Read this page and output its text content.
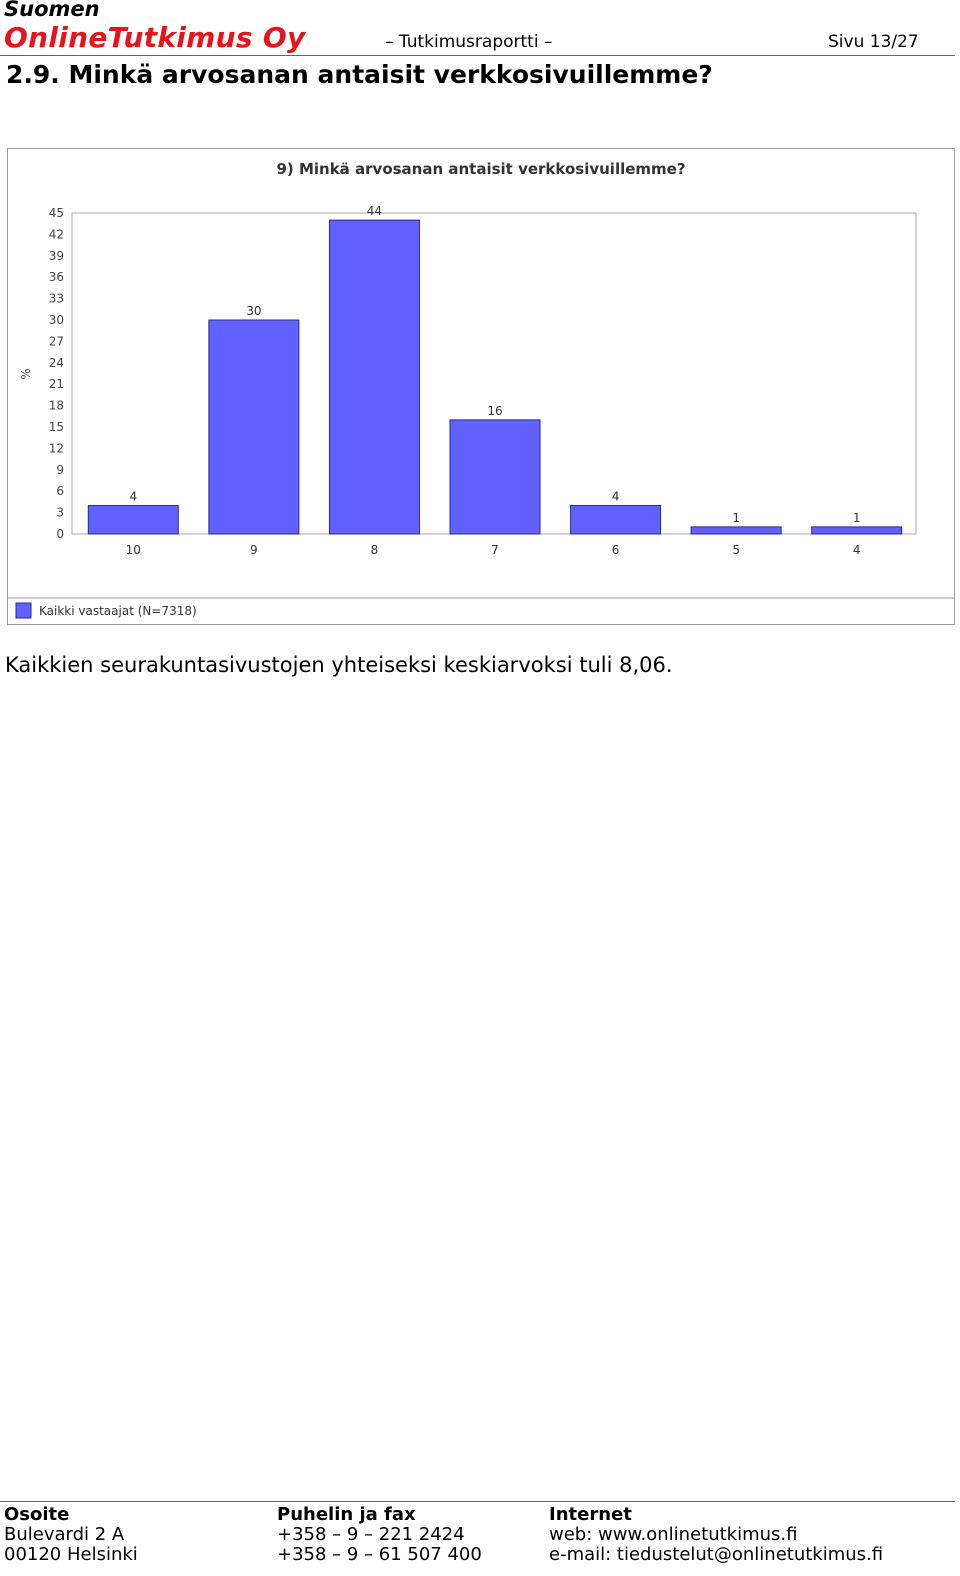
Suomen
OnlineTutkimus Oy	– Tutkimusraportti –	Sivu 13/27
2.9. Minkä arvosanan antaisit verkkosivuillemme?
9) Minkä arvosanan antaisit verkkosivuillemme?
0
3
6
9
12
15
18
21
24
27
30
33
36
39
42
45
%
4
10
30
9
44
8
16
7
4
6
1
5
1
4
Kaikki vastaajat (N=7318)
Kaikkien seurakuntasivustojen yhteiseksi keskiarvoksi tuli 8,06.
Osoite
Bulevardi 2 A
00120 Helsinki
Puhelin ja fax
+358 – 9 – 221 2424
+358 – 9 – 61 507 400
Internet
web: www.onlinetutkimus.fi
e-mail: tiedustelut@onlinetutkimus.fi
